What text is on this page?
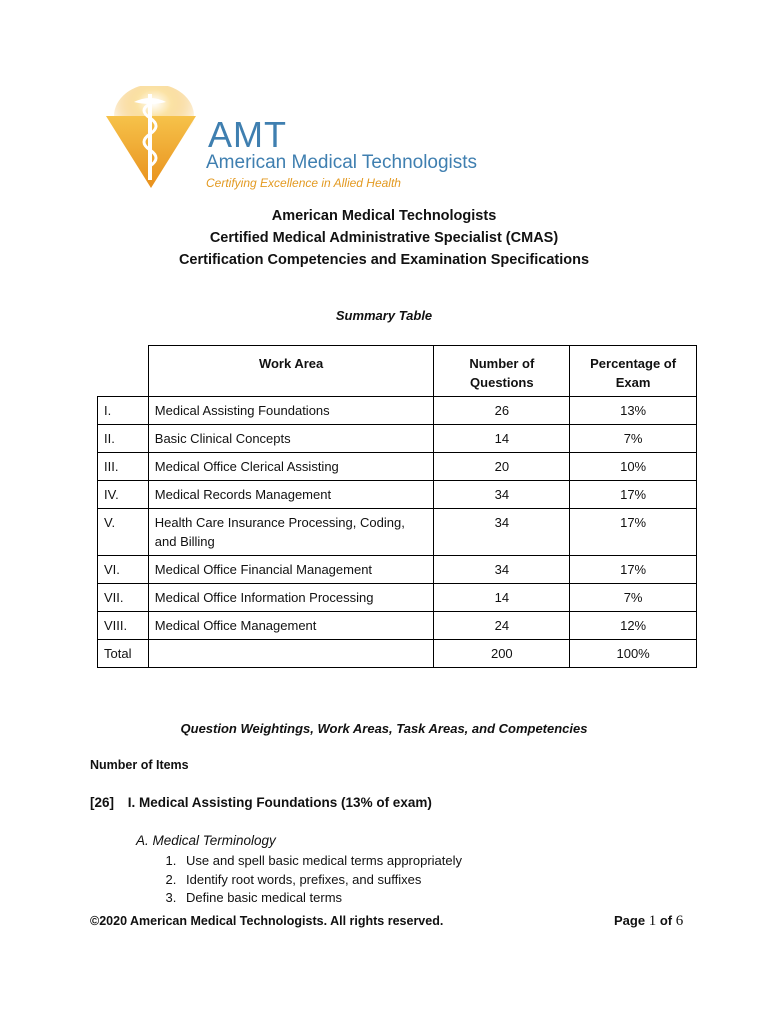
AMT
American Medical Technologists
Certifying Excellence in Allied Health
American Medical Technologists
Certified Medical Administrative Specialist (CMAS)
Certification Competencies and Examination Specifications
Summary Table
	Work Area	Number of Questions	Percentage of Exam
I.	Medical Assisting Foundations	26	13%
II.	Basic Clinical Concepts	14	7%
III.	Medical Office Clerical Assisting	20	10%
IV.	Medical Records Management	34	17%
V.	Health Care Insurance Processing, Coding, and Billing	34	17%
VI.	Medical Office Financial Management	34	17%
VII.	Medical Office Information Processing	14	7%
VIII.	Medical Office Management	24	12%
Total		200	100%
Question Weightings, Work Areas, Task Areas, and Competencies
Number of Items
[26] I. Medical Assisting Foundations (13% of exam)
A. Medical Terminology
1. Use and spell basic medical terms appropriately
2. Identify root words, prefixes, and suffixes
3. Define basic medical terms
©2020 American Medical Technologists. All rights reserved.	Page 1 of 6
